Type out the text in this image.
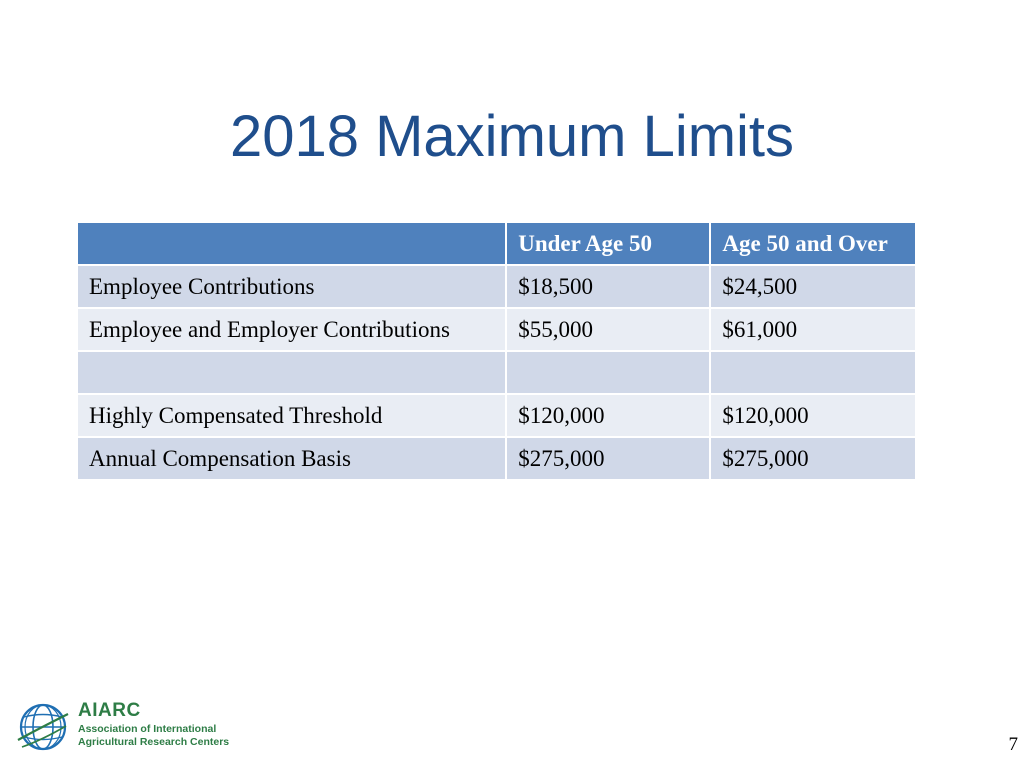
2018 Maximum Limits
	Under Age 50	Age 50 and Over
Employee Contributions	$18,500	$24,500
Employee and Employer Contributions	$55,000	$61,000

Highly Compensated Threshold	$120,000	$120,000
Annual Compensation Basis	$275,000	$275,000
AIARC
Association of International
Agricultural Research Centers	7
